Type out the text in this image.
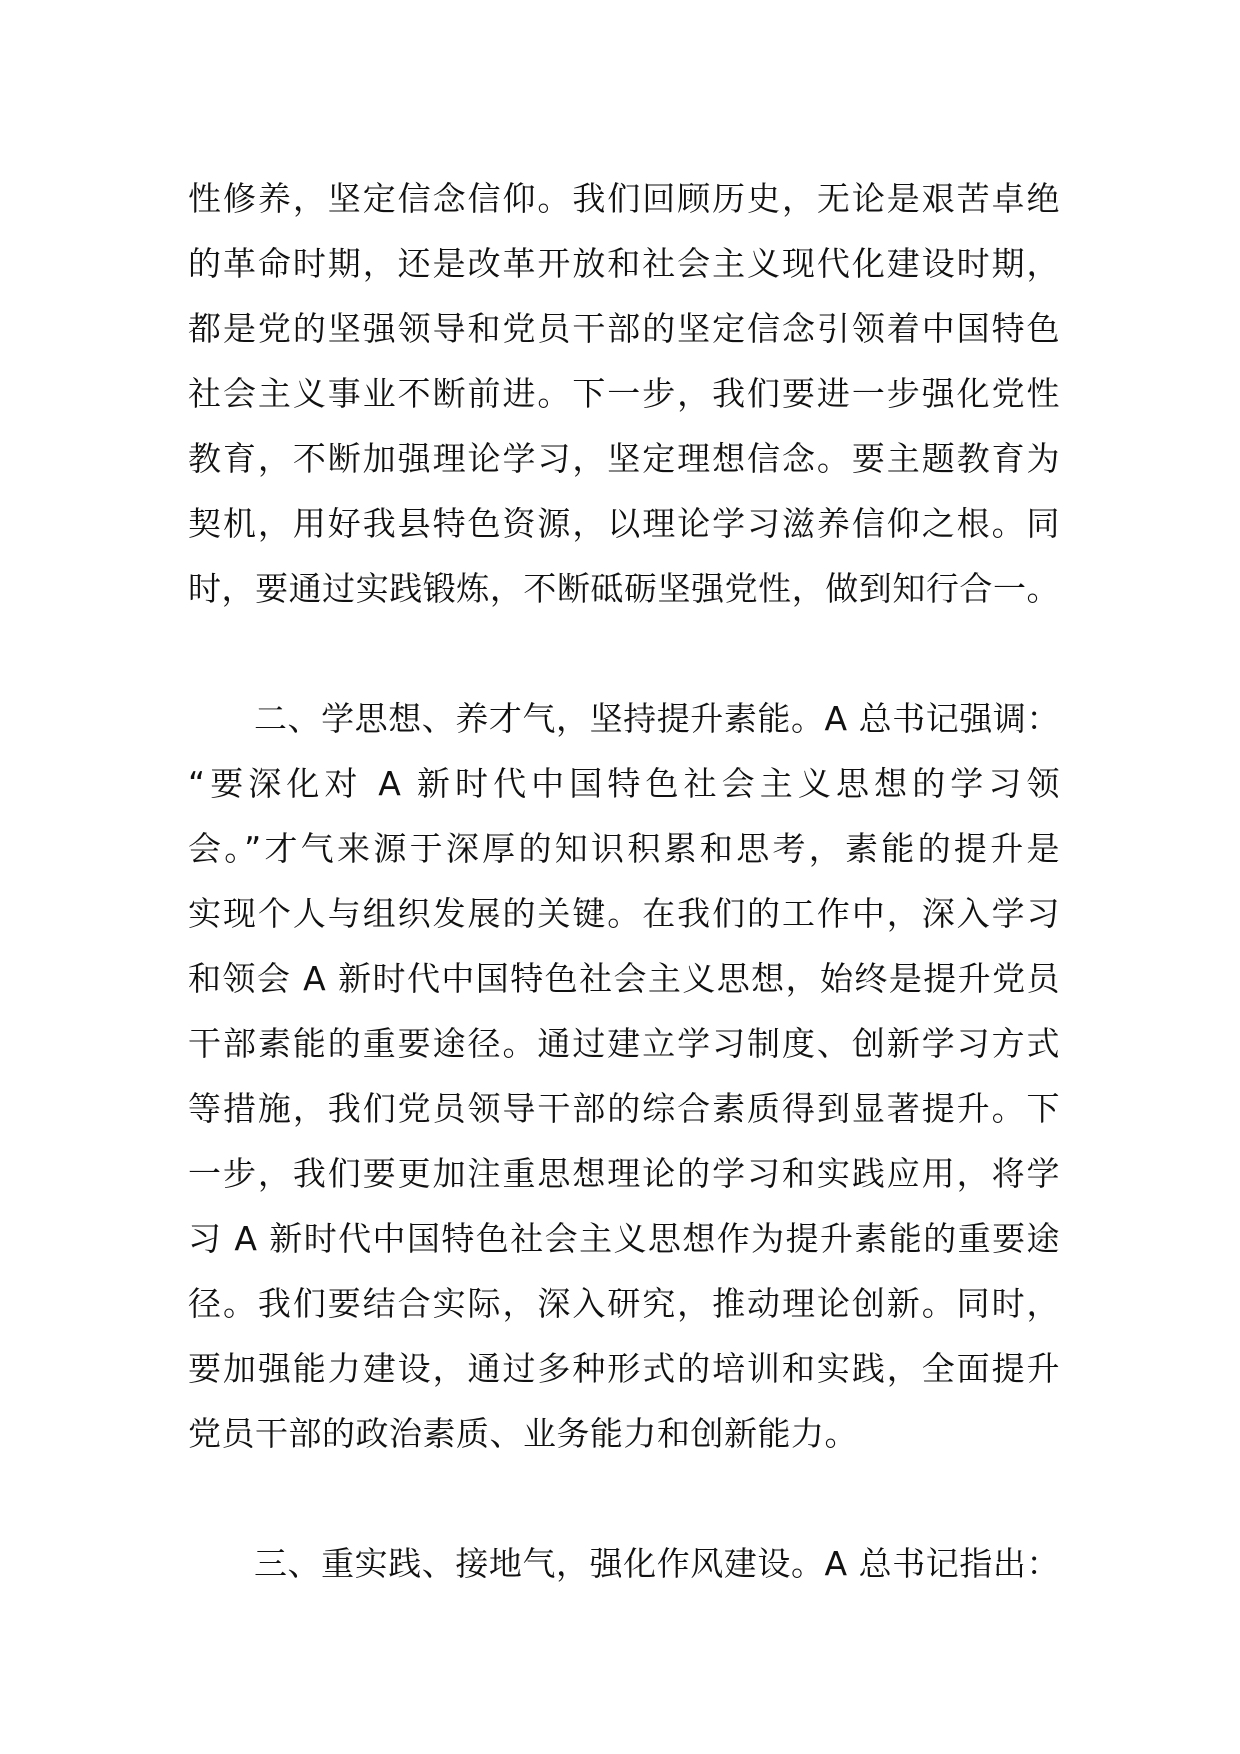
性修养，坚定信念信仰。我们回顾历史，无论是艰苦卓绝
的革命时期，还是改革开放和社会主义现代化建设时期，
都是党的坚强领导和党员干部的坚定信念引领着中国特色
社会主义事业不断前进。下一步，我们要进一步强化党性
教育，不断加强理论学习，坚定理想信念。要主题教育为
契机，用好我县特色资源，以理论学习滋养信仰之根。同
时，要通过实践锻炼，不断砥砺坚强党性，做到知行合一。
二、学思想、养才气，坚持提升素能。A 总书记强调：
“要深化对 A 新时代中国特色社会主义思想的学习领
会。”才气来源于深厚的知识积累和思考，素能的提升是
实现个人与组织发展的关键。在我们的工作中，深入学习
和领会 A 新时代中国特色社会主义思想，始终是提升党员
干部素能的重要途径。通过建立学习制度、创新学习方式
等措施，我们党员领导干部的综合素质得到显著提升。下
一步，我们要更加注重思想理论的学习和实践应用，将学
习 A 新时代中国特色社会主义思想作为提升素能的重要途
径。我们要结合实际，深入研究，推动理论创新。同时，
要加强能力建设，通过多种形式的培训和实践，全面提升
党员干部的政治素质、业务能力和创新能力。
三、重实践、接地气，强化作风建设。A 总书记指出：
